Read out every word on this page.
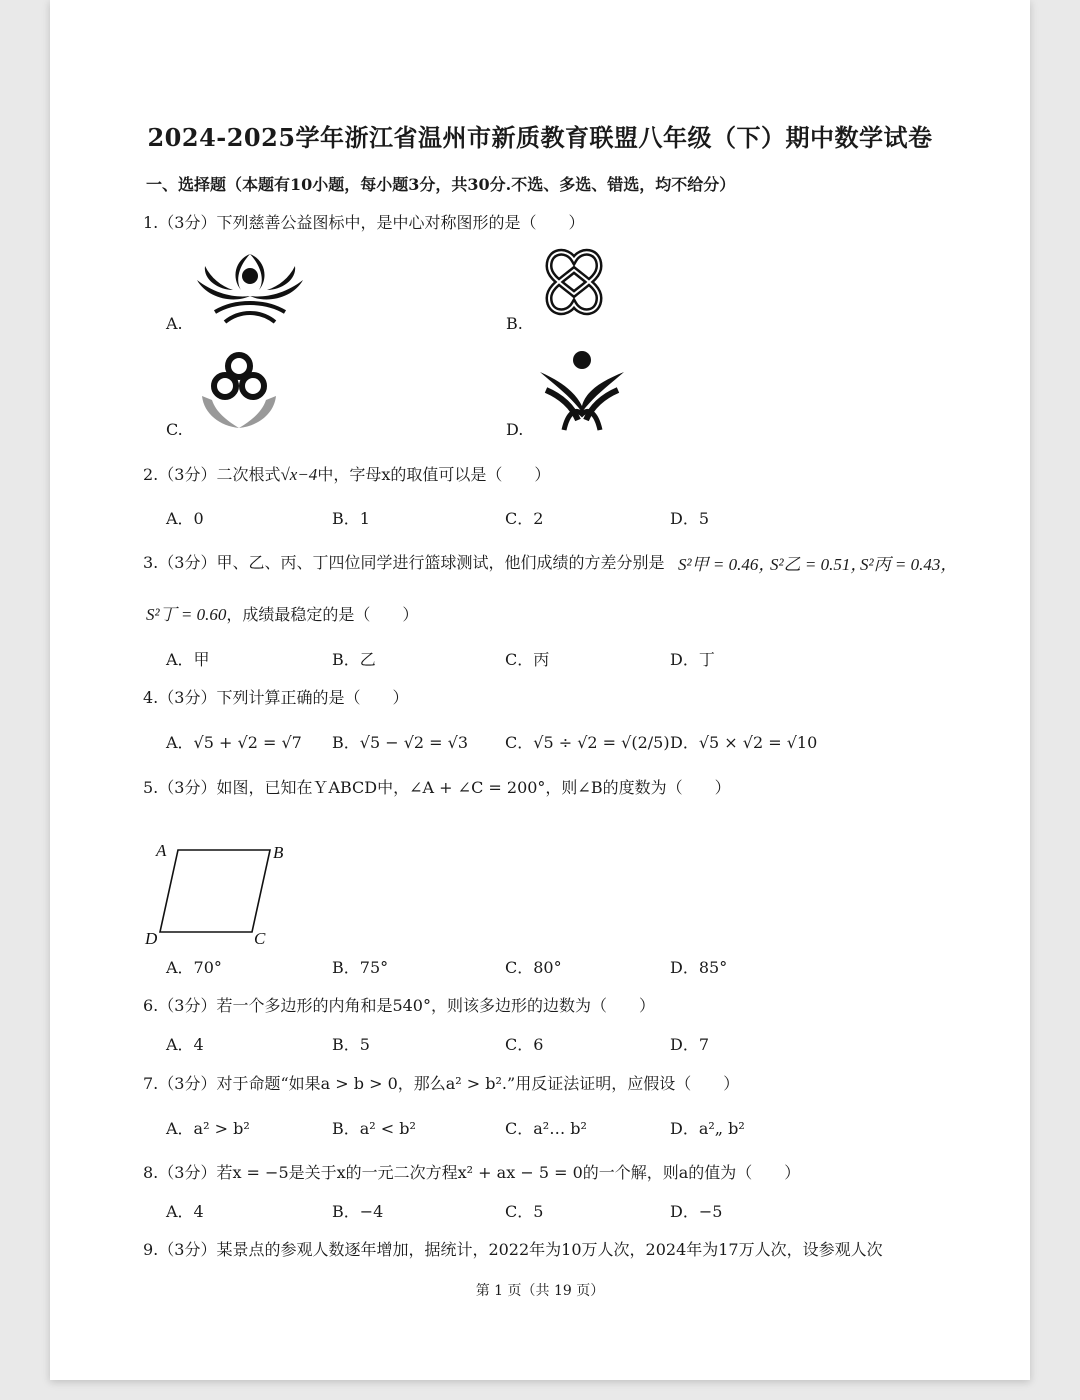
2024-2025学年浙江省温州市新质教育联盟八年级（下）期中数学试卷
一、选择题（本题有10小题，每小题3分，共30分.不选、多选、错选，均不给分）
1.（3分）下列慈善公益图标中，是中心对称图形的是（　　）
A.	B.
C.	D.
2.（3分）二次根式√x−4中，字母x的取值可以是（　　）
A．0	B．1	C．2	D．5
3.（3分）甲、乙、丙、丁四位同学进行篮球测试，他们成绩的方差分别是 S²甲 = 0.46，
S²乙 = 0.51，
S²丙 = 0.43，
S²丁 = 0.60，成绩最稳定的是（　　）
A．甲	B．乙	C．丙	D．丁
4.（3分）下列计算正确的是（　　）
A．√5 + √2 = √7 B．√5 − √2 = √3 C．√5 ÷ √2 = √(2/5) D．√5 × √2 = √10
5.（3分）如图，已知在ＹABCD中，∠A + ∠C = 200°，则∠B的度数为（　　）
A	B
C
D
A．70°	B．75°	C．80°	D．85°
6.（3分）若一个多边形的内角和是540°，则该多边形的边数为（　　）
A．4	B．5	C．6	D．7
7.（3分）对于命题“如果a > b > 0，那么a² > b².”用反证法证明，应假设（　　）
A．a² > b²	B．a² < b²	C．a²… b²	D．a²„ b²
8.（3分）若x = −5是关于x的一元二次方程x² + ax − 5 = 0的一个解，则a的值为（　　）
A．4	B．−4	C．5	D．−5
9.（3分）某景点的参观人数逐年增加，据统计，2022年为10万人次，2024年为17万人次，设参观人次
第 1 页（共 19 页）
